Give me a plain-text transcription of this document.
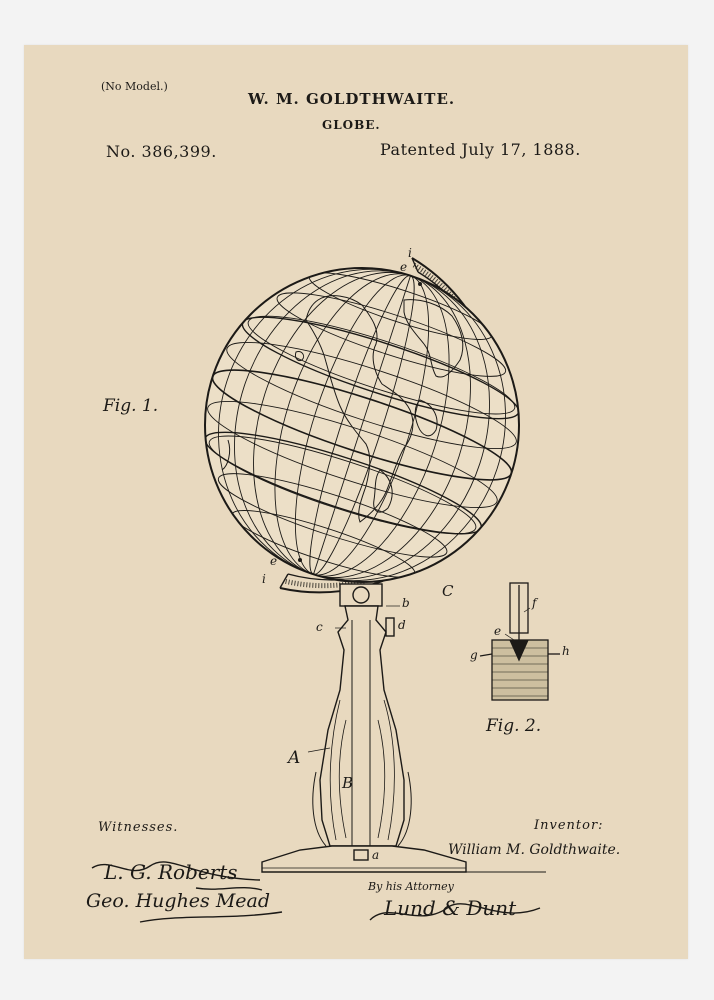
(No Model.)
W. M. GOLDTHWAITE.
GLOBE.
No. 386,399.	Patented July 17, 1888.
Fig. 1.
Fig. 2.
i
e
e
i
C
b
c	d
A
B
a
f
e
g	h
Witnesses.
L. G. Roberts
Geo. Hughes Mead
Inventor:
William M. Goldthwaite.
By his Attorney
Lund & Dunt
